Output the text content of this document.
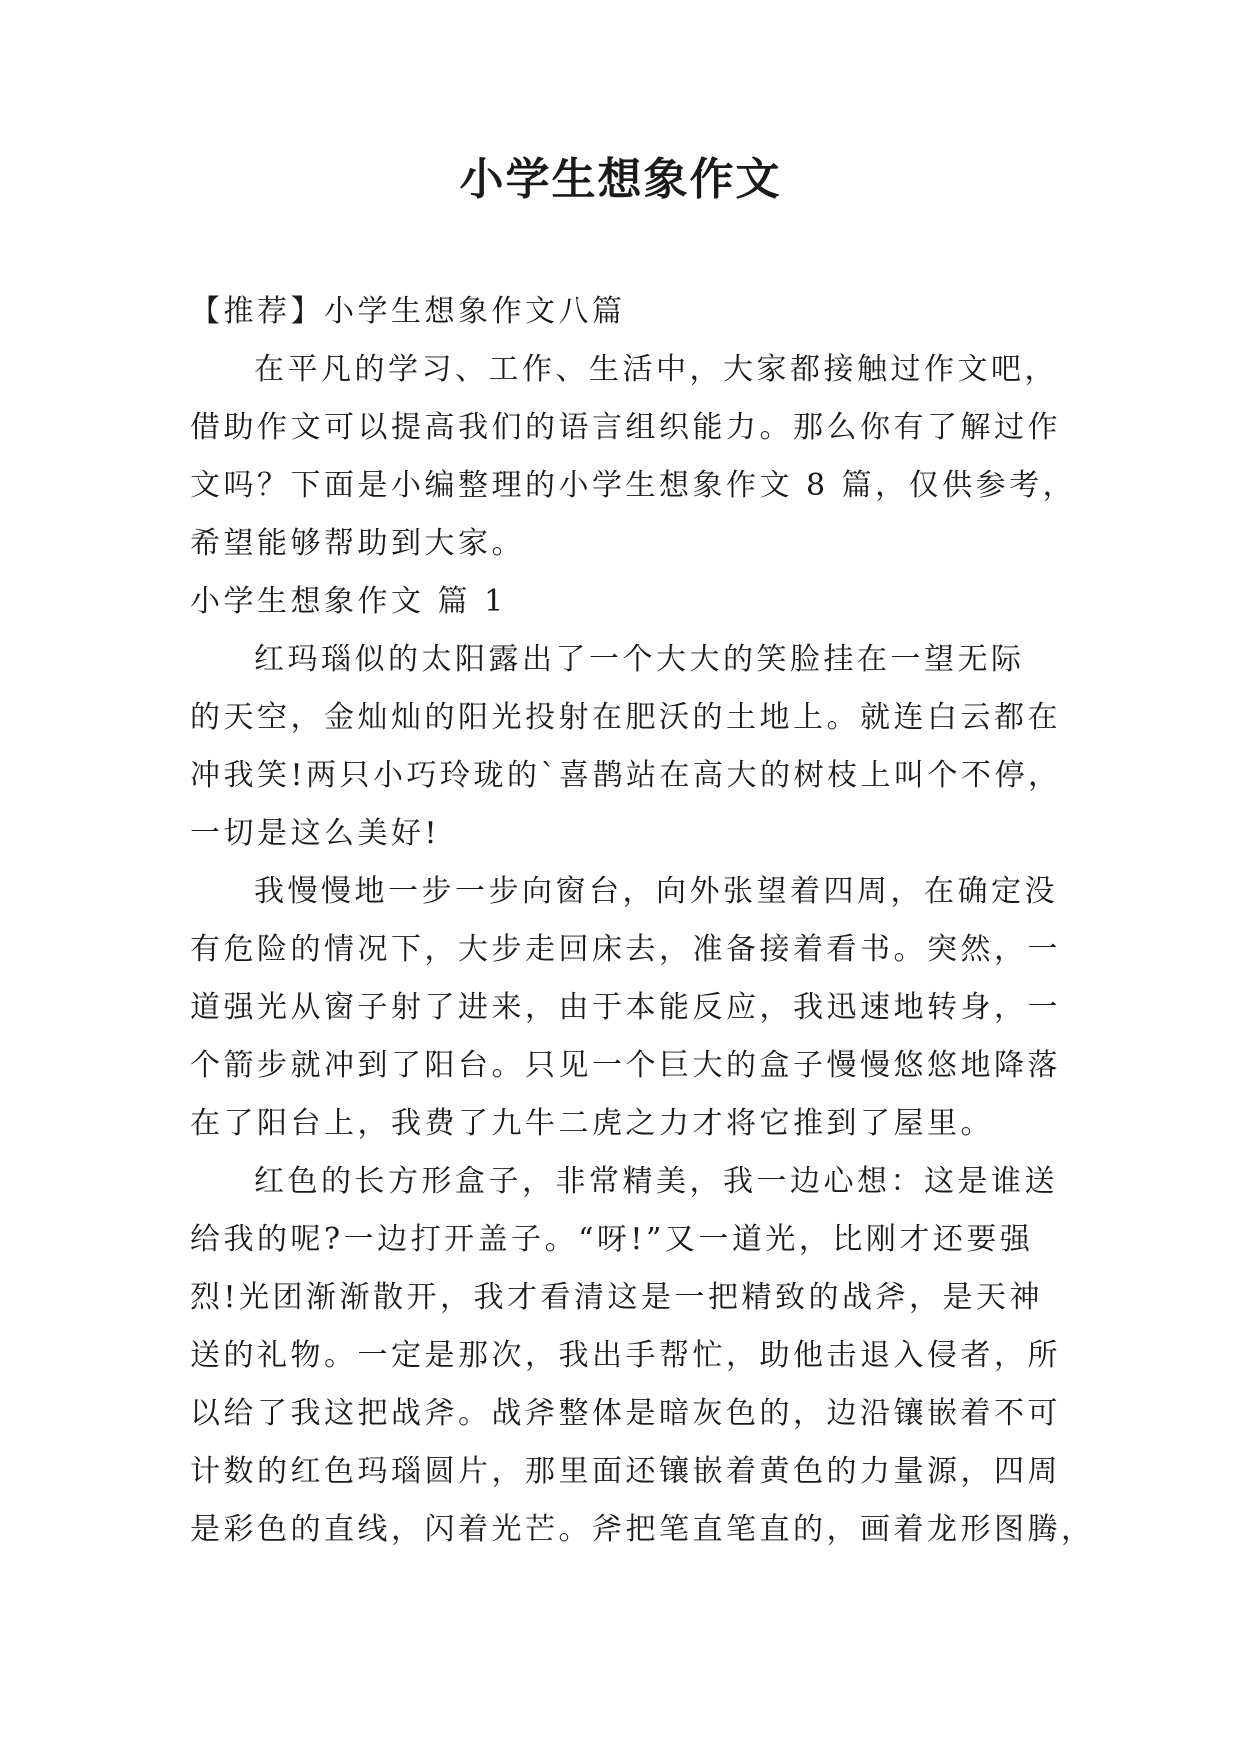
小学生想象作文

【推荐】小学生想象作文八篇

在平凡的学习、工作、生活中，大家都接触过作文吧，

借助作文可以提高我们的语言组织能力。那么你有了解过作

文吗？下面是小编整理的小学生想象作文 8 篇，仅供参考，

希望能够帮助到大家。

小学生想象作文 篇 1

红玛瑙似的太阳露出了一个大大的笑脸挂在一望无际

的天空，金灿灿的阳光投射在肥沃的土地上。就连白云都在

冲我笑!两只小巧玲珑的`喜鹊站在高大的树枝上叫个不停，

一切是这么美好!

我慢慢地一步一步向窗台，向外张望着四周，在确定没

有危险的情况下，大步走回床去，准备接着看书。突然，一

道强光从窗子射了进来，由于本能反应，我迅速地转身，一

个箭步就冲到了阳台。只见一个巨大的盒子慢慢悠悠地降落

在了阳台上，我费了九牛二虎之力才将它推到了屋里。

红色的长方形盒子，非常精美，我一边心想：这是谁送

给我的呢?一边打开盖子。“呀!”又一道光，比刚才还要强

烈!光团渐渐散开，我才看清这是一把精致的战斧，是天神

送的礼物。一定是那次，我出手帮忙，助他击退入侵者，所

以给了我这把战斧。战斧整体是暗灰色的，边沿镶嵌着不可

计数的红色玛瑙圆片，那里面还镶嵌着黄色的力量源，四周

是彩色的直线，闪着光芒。斧把笔直笔直的，画着龙形图腾，
